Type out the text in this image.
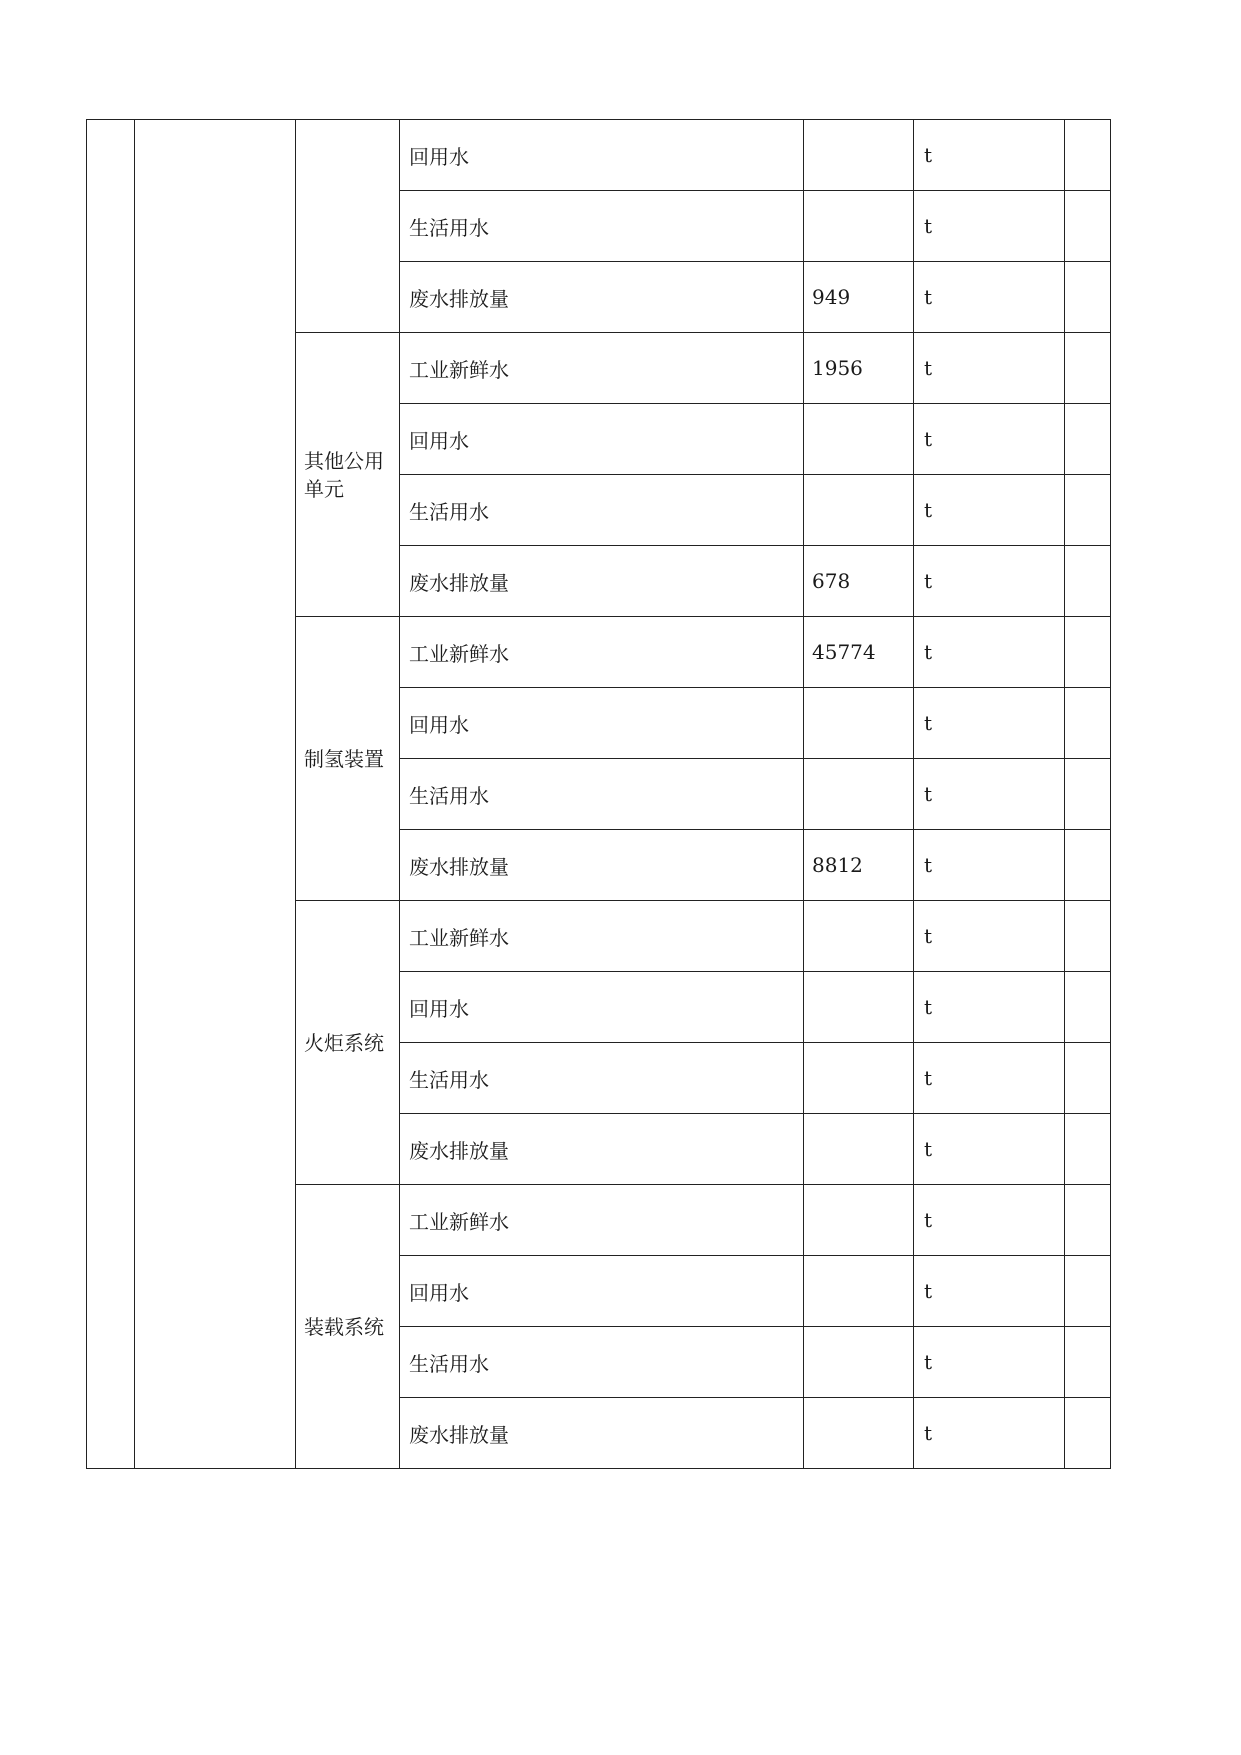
			回用水		t	
			生活用水		t	
			废水排放量	949	t	
		其他公用单元	工业新鲜水	1956	t	
			回用水		t	
			生活用水		t	
			废水排放量	678	t	
		制氢装置	工业新鲜水	45774	t	
			回用水		t	
			生活用水		t	
			废水排放量	8812	t	
		火炬系统	工业新鲜水		t	
			回用水		t	
			生活用水		t	
			废水排放量		t	
		装载系统	工业新鲜水		t	
			回用水		t	
			生活用水		t	
			废水排放量		t	
